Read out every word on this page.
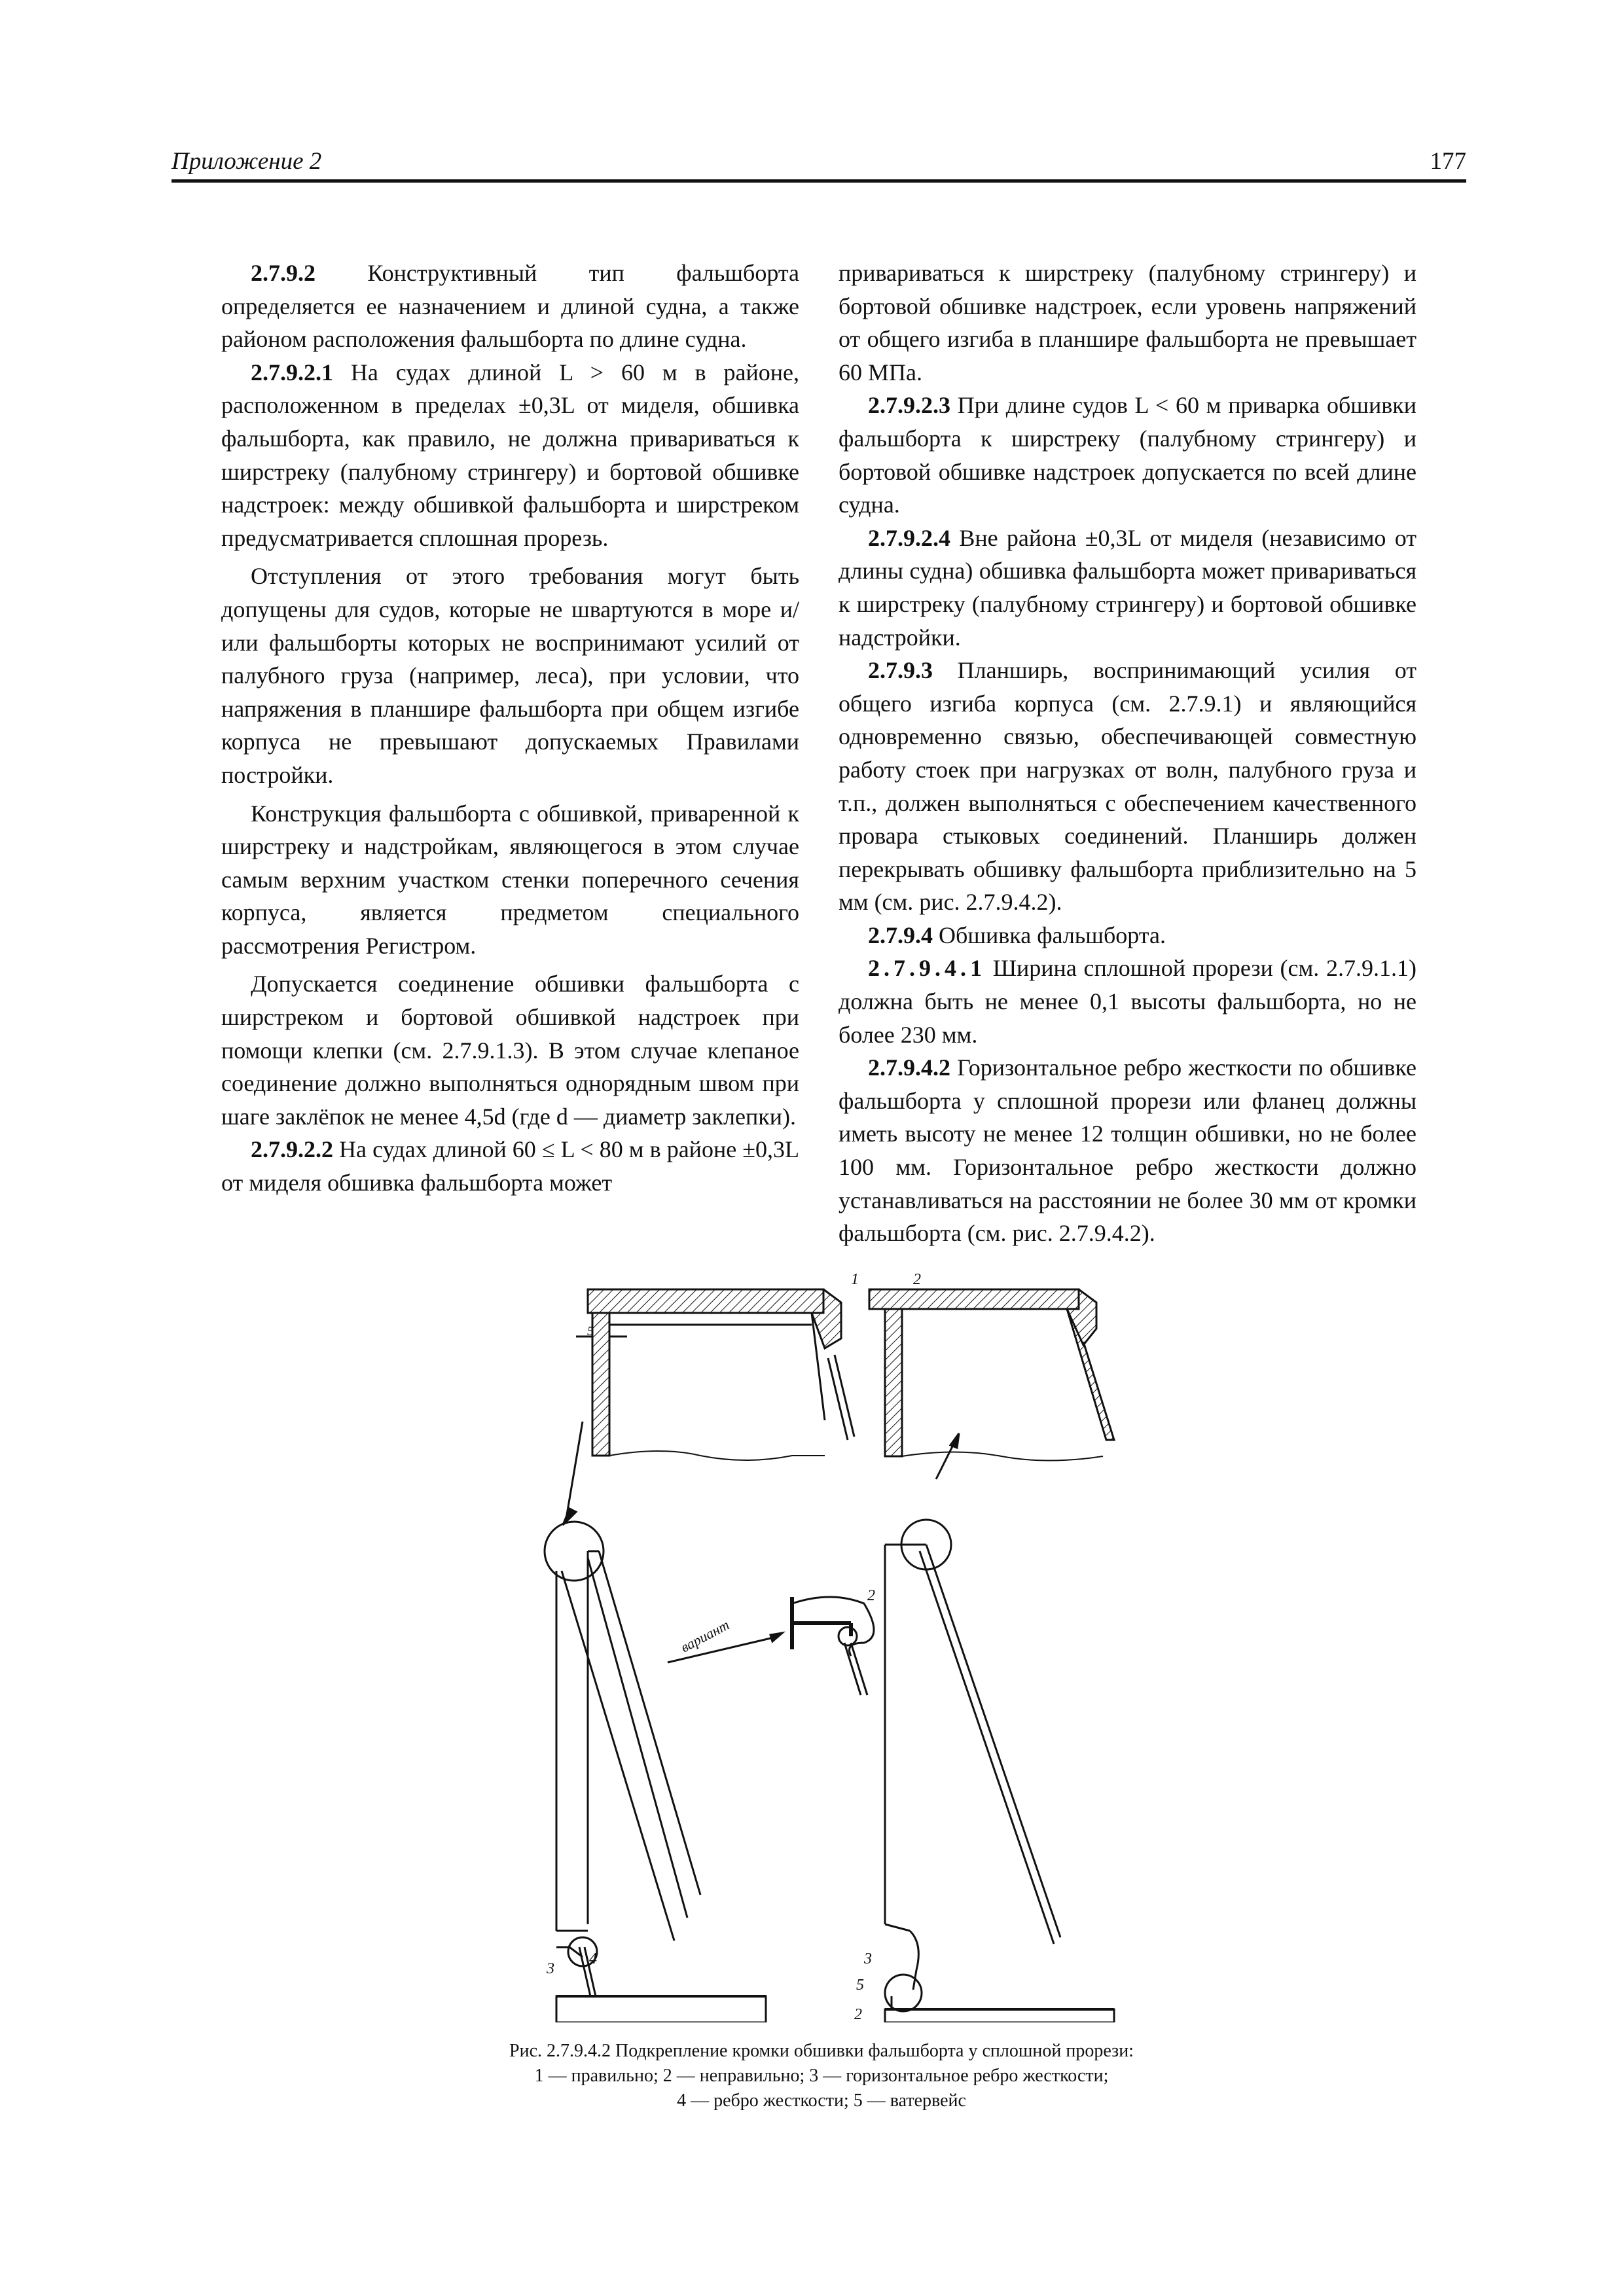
Приложение 2	177

2.7.9.2 Конструктивный тип фальшборта определяется ее назначением и длиной судна, а также районом расположения фальшборта по длине судна.

2.7.9.2.1 На судах длиной L > 60 м в районе, расположенном в пределах ±0,3L от миделя, обшивка фальшборта, как правило, не должна привариваться к ширстреку (палубному стрингеру) и бортовой обшивке надстроек: между обшивкой фальшборта и ширстреком предусматривается сплошная прорезь.

Отступления от этого требования могут быть допущены для судов, которые не швартуются в море и/или фальшборты которых не воспринимают усилий от палубного груза (например, леса), при условии, что напряжения в планшире фальшборта при общем изгибе корпуса не превышают допускаемых Правилами постройки.

Конструкция фальшборта с обшивкой, приваренной к ширстреку и надстройкам, являющегося в этом случае самым верхним участком стенки поперечного сечения корпуса, является предметом специального рассмотрения Регистром.

Допускается соединение обшивки фальшборта с ширстреком и бортовой обшивкой надстроек при помощи клепки (см. 2.7.9.1.3). В этом случае клепаное соединение должно выполняться однорядным швом при шаге заклёпок не менее 4,5d (где d — диаметр заклепки).

2.7.9.2.2 На судах длиной 60 ≤ L < 80 м в районе ±0,3L от миделя обшивка фальшборта может

привариваться к ширстреку (палубному стрингеру) и бортовой обшивке надстроек, если уровень напряжений от общего изгиба в планшире фальшборта не превышает 60 МПа.

2.7.9.2.3 При длине судов L < 60 м приварка обшивки фальшборта к ширстреку (палубному стрингеру) и бортовой обшивке надстроек допускается по всей длине судна.

2.7.9.2.4 Вне района ±0,3L от миделя (независимо от длины судна) обшивка фальшборта может привариваться к ширстреку (палубному стрингеру) и бортовой обшивке надстройки.

2.7.9.3 Планширь, воспринимающий усилия от общего изгиба корпуса (см. 2.7.9.1) и являющийся одновременно связью, обеспечивающей совместную работу стоек при нагрузках от волн, палубного груза и т.п., должен выполняться с обеспечением качественного провара стыковых соединений. Планширь должен перекрывать обшивку фальшборта приблизительно на 5 мм (см. рис. 2.7.9.4.2).

2.7.9.4 Обшивка фальшборта.

2.7.9.4.1 Ширина сплошной прорези (см. 2.7.9.1.1) должна быть не менее 0,1 высоты фальшборта, но не более 230 мм.

2.7.9.4.2 Горизонтальное ребро жесткости по обшивке фальшборта у сплошной прорези или фланец должны иметь высоту не менее 12 толщин обшивки, но не более 100 мм. Горизонтальное ребро жесткости должно устанавливаться на расстоянии не более 30 мм от кромки фальшборта (см. рис. 2.7.9.4.2).

1	2
5
2
3
4	3
5
2
вариант
Рис. 2.7.9.4.2 Подкрепление кромки обшивки фальшборта у сплошной прорези:
1 — правильно; 2 — неправильно; 3 — горизонтальное ребро жесткости;
4 — ребро жесткости; 5 — ватервейс
